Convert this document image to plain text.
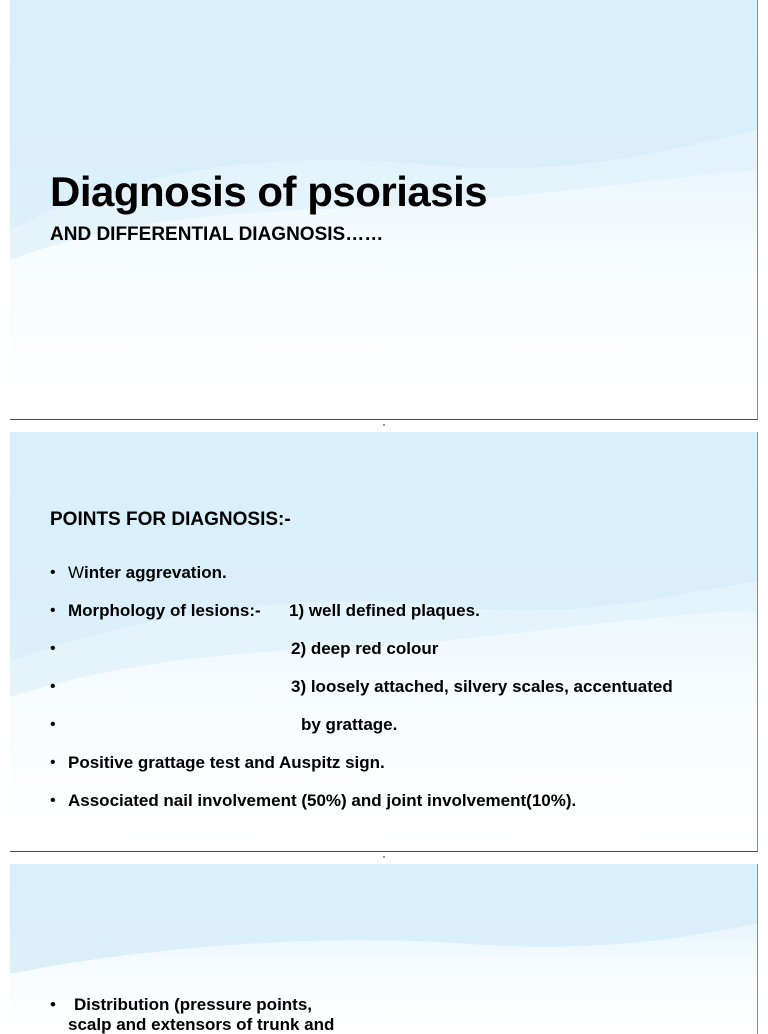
Diagnosis of psoriasis
AND DIFFERENTIAL DIAGNOSIS……
POINTS FOR DIAGNOSIS:-
• Winter aggrevation.
• Morphology of lesions:- 1) well defined plaques.
•	2) deep red colour
•	3) loosely attached, silvery scales, accentuated
•	by grattage.
• Positive grattage test and Auspitz sign.
• Associated nail involvement (50%) and joint involvement(10%).
• Distribution (pressure points,
scalp and extensors of trunk and
